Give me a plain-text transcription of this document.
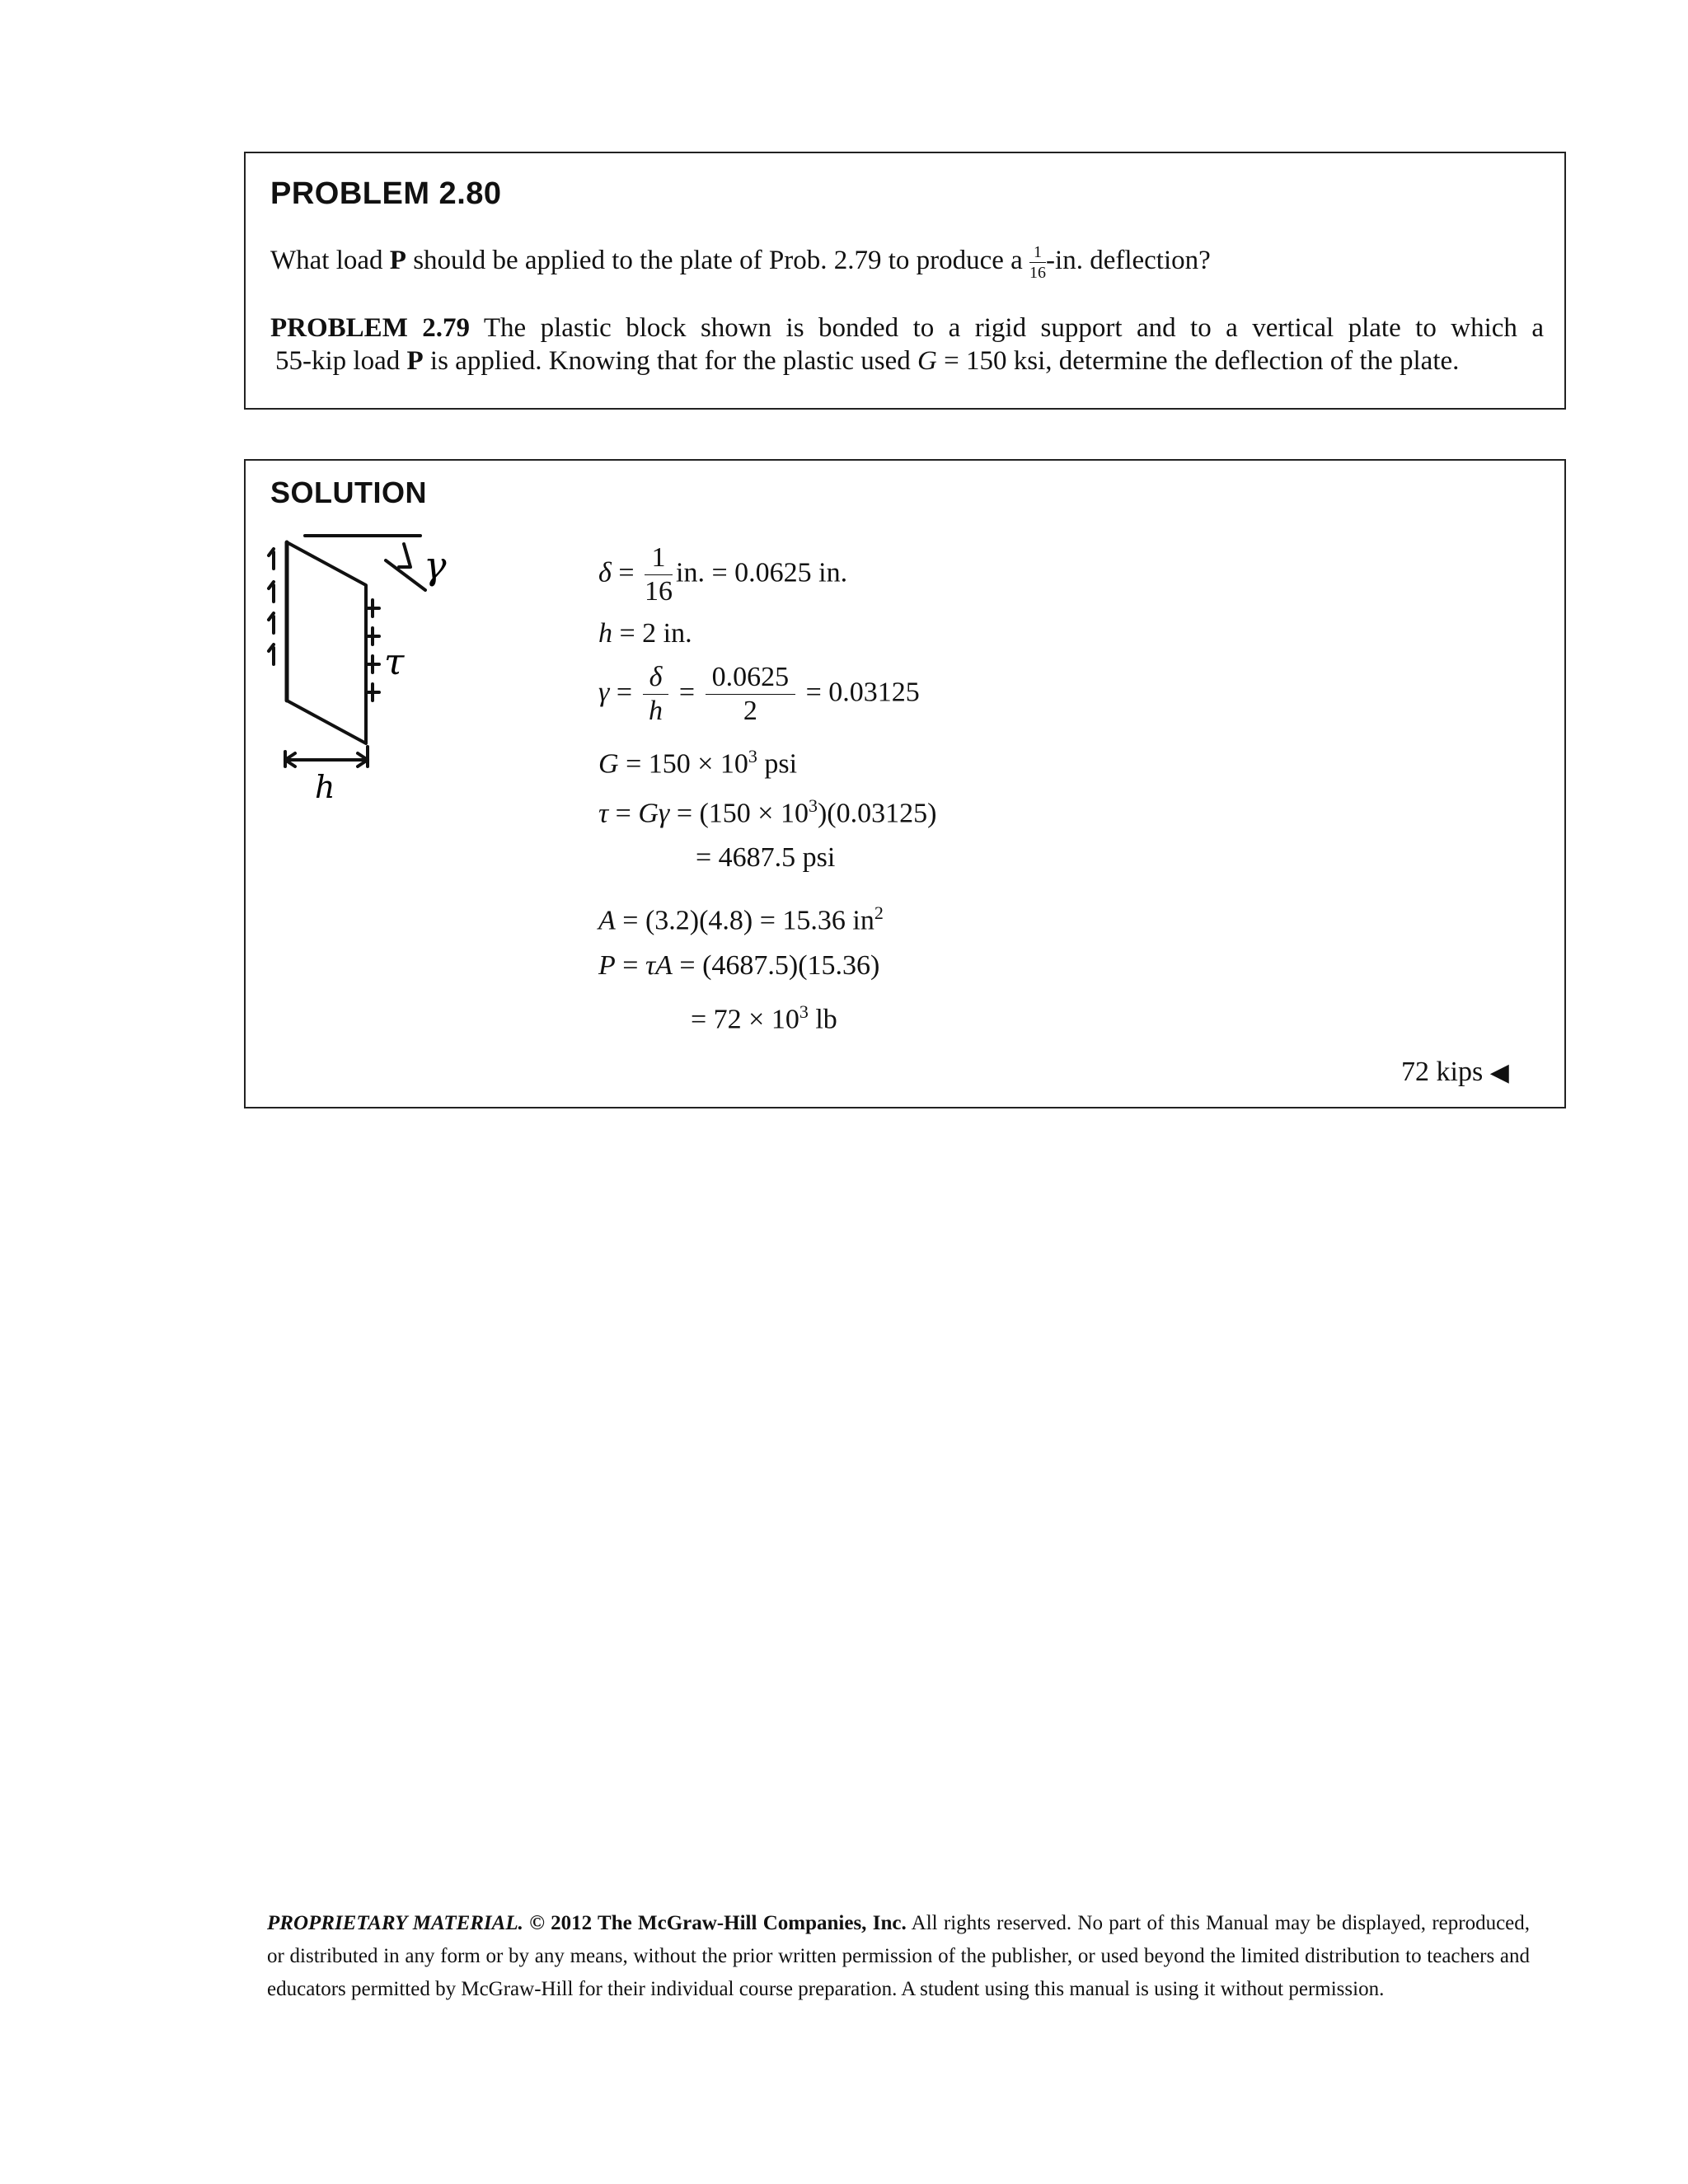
PROBLEM 2.80
What load P should be applied to the plate of Prob. 2.79 to produce a $\frac{1}{16} -in$. deflection?
PROBLEM 2.79 The plastic block shown is bonded to a rigid support and to a vertical plate to which a
55-kip load P is applied. Knowing that for the plastic used G = 150 ksi, determine the deflection of the plate.
SOLUTION
γ
τ
h
$\delta = \frac{1}{16}$ in. = 0.0625 in.
h = 2 in.
$\gamma = \frac{\delta}{h} = \frac{0.0625}{2} = 0.03125$
$G = 150 \times 10^3$ psi
$\tau = G\gamma = (150 \times 10^3)(0.03125)$
= 4687.5 psi
A = (3.2)(4.8) = 15.36 $in^2$
P = τA = (4687.5)(15.36)
= $72 \times 10^3$ lb
72 kips ◀
PROPRIETARY MATERIAL. © 2012 The McGraw-Hill Companies, Inc. All rights reserved. No part of this Manual may be displayed, reproduced, or distributed in any form or by any means, without the prior written permission of the publisher, or used beyond the limited distribution to teachers and educators permitted by McGraw-Hill for their individual course preparation. A student using this manual is using it without permission.
